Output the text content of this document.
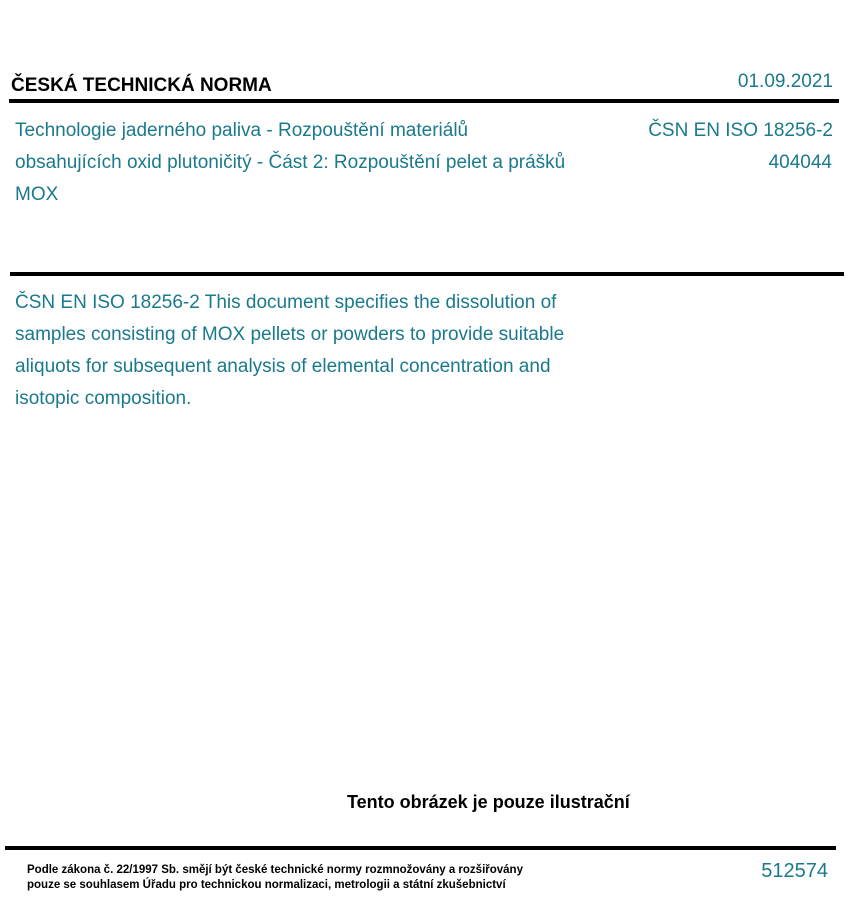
ČESKÁ TECHNICKÁ NORMA	01.09.2021
Technologie jaderného paliva - Rozpouštění materiálů obsahujících oxid plutoničitý - Část 2: Rozpouštění pelet a prášků MOX
ČSN EN ISO 18256-2
404044
ČSN EN ISO 18256-2 This document specifies the dissolution of samples consisting of MOX pellets or powders to provide suitable aliquots for subsequent analysis of elemental concentration and isotopic composition.
Tento obrázek je pouze ilustrační
Podle zákona č. 22/1997 Sb. smějí být české technické normy rozmnožovány a rozšiřovány
pouze se souhlasem Úřadu pro technickou normalizaci, metrologii a státní zkušebnictví
512574
